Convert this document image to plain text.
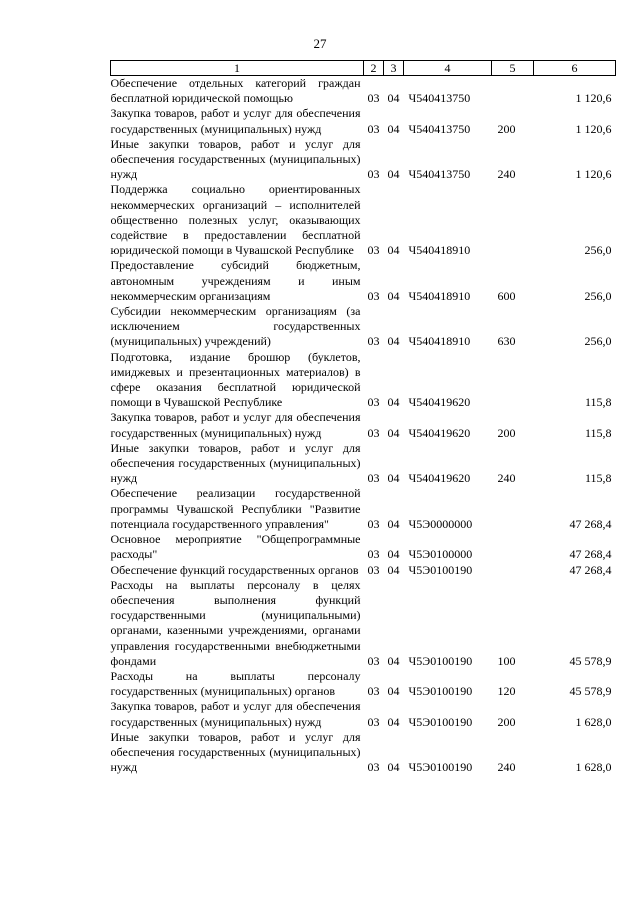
27
1	2	3	4	5	6
Обеспечение отдельных категорий граждан бесплатной юридической помощью	03	04	Ч540413750		1 120,6
Закупка товаров, работ и услуг для обеспечения государственных (муниципальных) нужд	03	04	Ч540413750	200	1 120,6
Иные закупки товаров, работ и услуг для обеспечения государственных (муниципальных) нужд	03	04	Ч540413750	240	1 120,6
Поддержка социально ориентированных некоммерческих организаций – исполнителей общественно полезных услуг, оказывающих содействие в предоставлении бесплатной юридической помощи в Чувашской Республике	03	04	Ч540418910		256,0
Предоставление субсидий бюджетным, автономным учреждениям и иным некоммерческим организациям	03	04	Ч540418910	600	256,0
Субсидии некоммерческим организациям (за исключением государственных (муниципальных) учреждений)	03	04	Ч540418910	630	256,0
Подготовка, издание брошюр (буклетов, имиджевых и презентационных материалов) в сфере оказания бесплатной юридической помощи в Чувашской Республике	03	04	Ч540419620		115,8
Закупка товаров, работ и услуг для обеспечения государственных (муниципальных) нужд	03	04	Ч540419620	200	115,8
Иные закупки товаров, работ и услуг для обеспечения государственных (муниципальных) нужд	03	04	Ч540419620	240	115,8
Обеспечение реализации государственной программы Чувашской Республики "Развитие потенциала государственного управления"	03	04	Ч5Э0000000		47 268,4
Основное мероприятие "Общепрограммные расходы"	03	04	Ч5Э0100000		47 268,4
Обеспечение функций государственных органов	03	04	Ч5Э0100190		47 268,4
Расходы на выплаты персоналу в целях обеспечения выполнения функций государственными (муниципальными) органами, казенными учреждениями, органами управления государственными внебюджетными фондами	03	04	Ч5Э0100190	100	45 578,9
Расходы на выплаты персоналу государственных (муниципальных) органов	03	04	Ч5Э0100190	120	45 578,9
Закупка товаров, работ и услуг для обеспечения государственных (муниципальных) нужд	03	04	Ч5Э0100190	200	1 628,0
Иные закупки товаров, работ и услуг для обеспечения государственных (муниципальных) нужд	03	04	Ч5Э0100190	240	1 628,0
